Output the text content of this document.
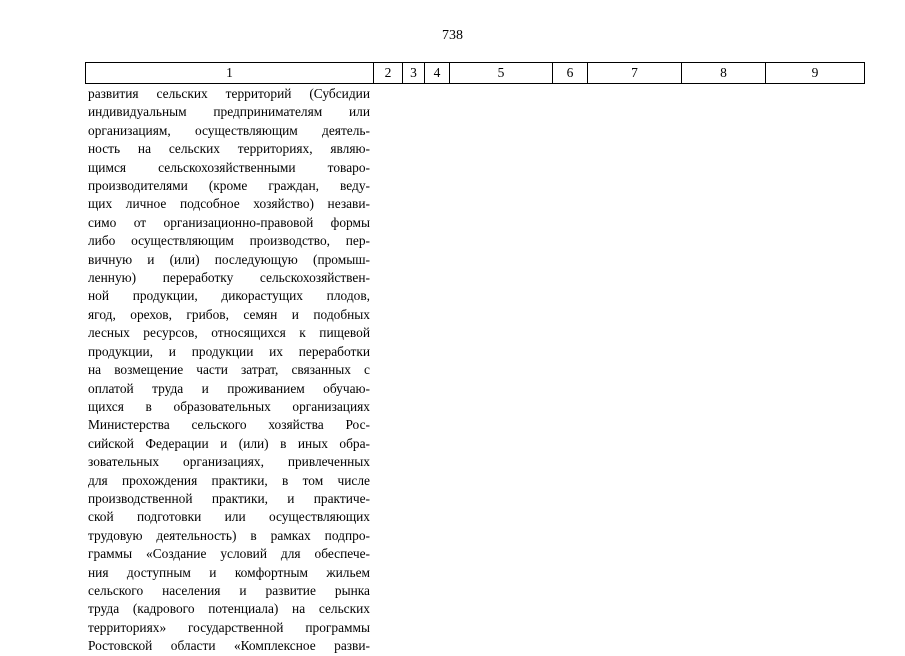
738
1	2	3	4	5	6	7	8	9
развития сельских территорий (Субсидии
индивидуальным предпринимателям или
организациям, осуществляющим деятель-
ность на сельских территориях, являю-
щимся сельскохозяйственными товаро-
производителями (кроме граждан, веду-
щих личное подсобное хозяйство) незави-
симо от организационно-правовой формы
либо осуществляющим производство, пер-
вичную и (или) последующую (промыш-
ленную) переработку сельскохозяйствен-
ной продукции, дикорастущих плодов,
ягод, орехов, грибов, семян и подобных
лесных ресурсов, относящихся к пищевой
продукции, и продукции их переработки
на возмещение части затрат, связанных с
оплатой труда и проживанием обучаю-
щихся в образовательных организациях
Министерства сельского хозяйства Рос-
сийской Федерации и (или) в иных обра-
зовательных организациях, привлеченных
для прохождения практики, в том числе
производственной практики, и практиче-
ской подготовки или осуществляющих
трудовую деятельность) в рамках подпро-
граммы «Создание условий для обеспече-
ния доступным и комфортным жильем
сельского населения и развитие рынка
труда (кадрового потенциала) на сельских
территориях» государственной программы
Ростовской области «Комплексное разви-
